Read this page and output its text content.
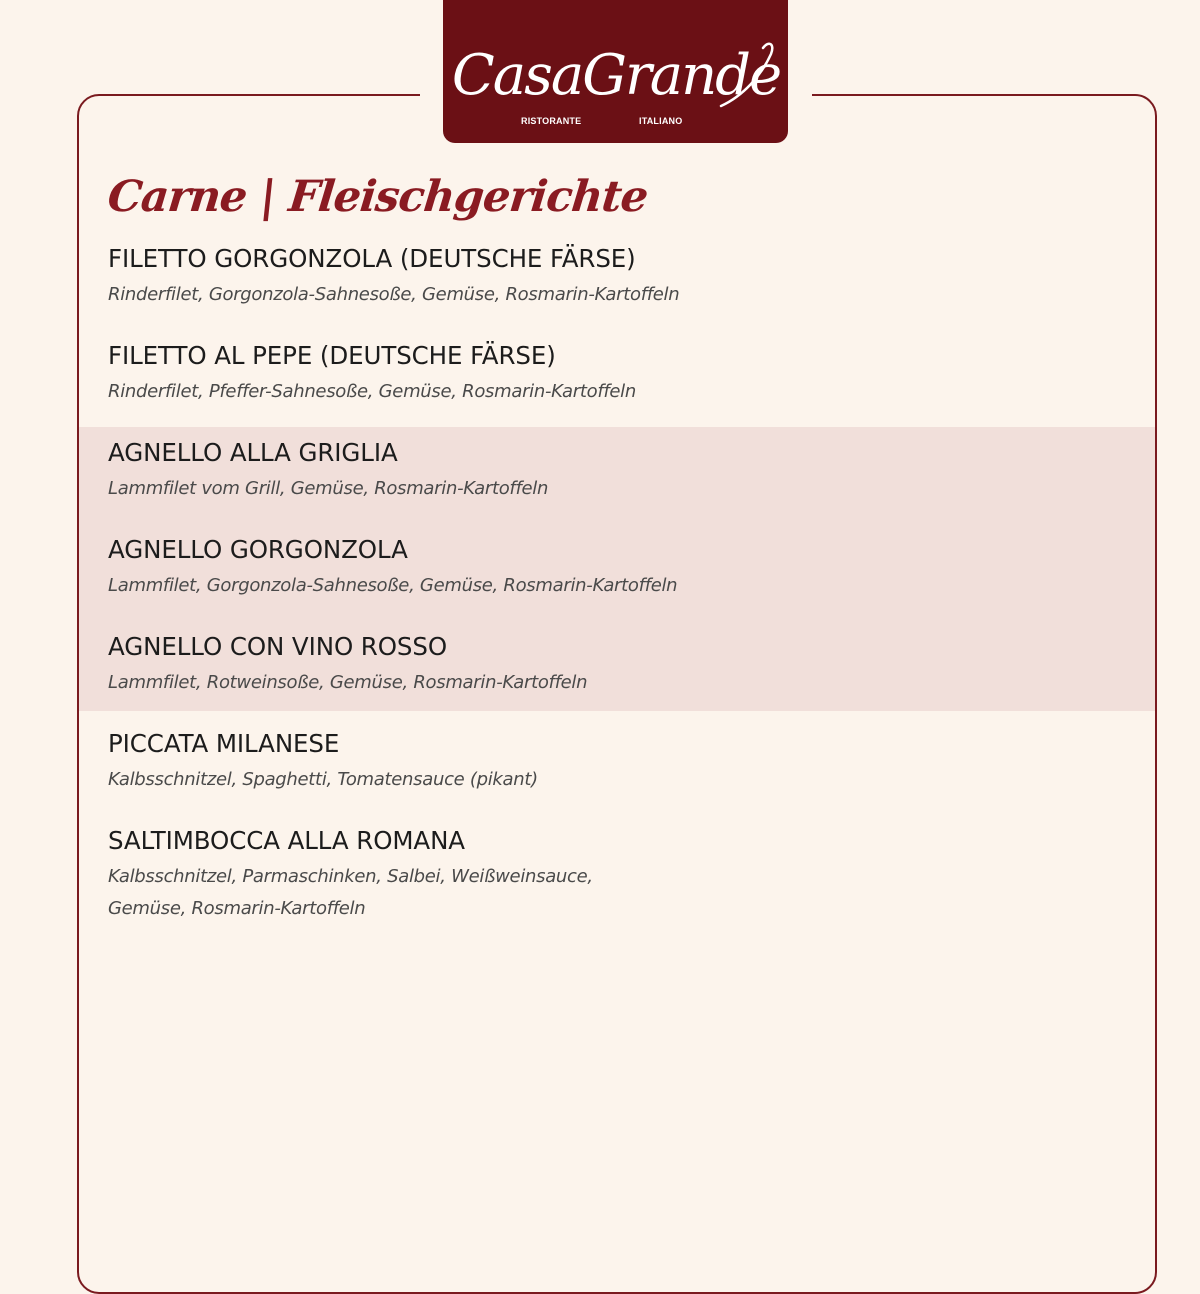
CasaGrande
RISTORANTE	ITALIANO
Carne | Fleischgerichte
FILETTO GORGONZOLA (DEUTSCHE FÄRSE)
Rinderfilet, Gorgonzola-Sahnesoße, Gemüse, Rosmarin-Kartoffeln
FILETTO AL PEPE (DEUTSCHE FÄRSE)
Rinderfilet, Pfeffer-Sahnesoße, Gemüse, Rosmarin-Kartoffeln
AGNELLO ALLA GRIGLIA
Lammfilet vom Grill, Gemüse, Rosmarin-Kartoffeln
AGNELLO GORGONZOLA
Lammfilet, Gorgonzola-Sahnesoße, Gemüse, Rosmarin-Kartoffeln
AGNELLO CON VINO ROSSO
Lammfilet, Rotweinsoße, Gemüse, Rosmarin-Kartoffeln
PICCATA MILANESE
Kalbsschnitzel, Spaghetti, Tomatensauce (pikant)
SALTIMBOCCA ALLA ROMANA
Kalbsschnitzel, Parmaschinken, Salbei, Weißweinsauce,
Gemüse, Rosmarin-Kartoffeln
